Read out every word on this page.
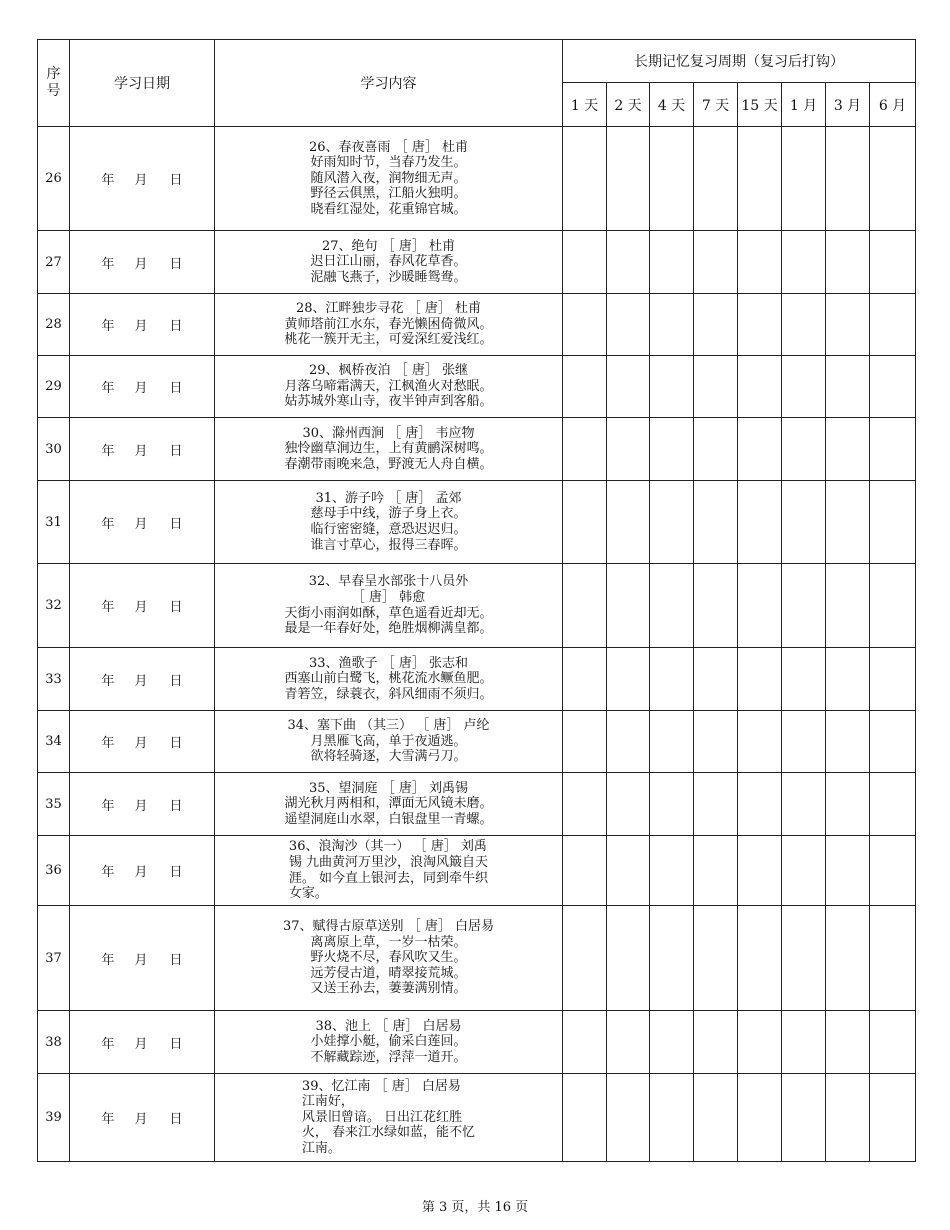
序
号	学习日期	学习内容	长期记忆复习周期（复习后打钩）							
			1 天	2 天	4 天	7 天	15 天	1 月	3 月	6 月
26	年 月 日	26、春夜喜雨 ［ 唐］ 杜甫
好雨知时节，当春乃发生。
随风潜入夜，润物细无声。
野径云俱黑，江船火独明。
晓看红湿处，花重锦官城。								

27	年 月 日	27、绝句 ［ 唐］ 杜甫
迟日江山丽，春风花草香。
泥融飞燕子，沙暖睡鸳鸯。								

28	年 月 日	28、江畔独步寻花 ［ 唐］ 杜甫
黄师塔前江水东，春光懒困倚微风。
桃花一簇开无主，可爱深红爱浅红。								

29	年 月 日	29、枫桥夜泊 ［ 唐］ 张继
月落乌啼霜满天，江枫渔火对愁眠。
姑苏城外寒山寺，夜半钟声到客船。								

30	年 月 日	30、滁州西涧 ［ 唐］ 韦应物
独怜幽草涧边生，上有黄鹂深树鸣。
春潮带雨晚来急，野渡无人舟自横。								

31	年 月 日	31、游子吟 ［ 唐］ 孟郊
慈母手中线，游子身上衣。
临行密密缝，意恐迟迟归。
谁言寸草心，报得三春晖。								

32	年 月 日	32、早春呈水部张十八员外
［ 唐］ 韩愈
天街小雨润如酥，草色遥看近却无。
最是一年春好处，绝胜烟柳满皇都。								

33	年 月 日	33、渔歌子 ［ 唐］ 张志和
西塞山前白鹭飞，桃花流水鳜鱼肥。
青箬笠，绿蓑衣，斜风细雨不须归。								

34	年 月 日	34、塞下曲 （其三） ［ 唐］ 卢纶
月黑雁飞高，单于夜遁逃。
欲将轻骑逐，大雪满弓刀。								

35	年 月 日	35、望洞庭 ［ 唐］ 刘禹锡
湖光秋月两相和，潭面无风镜未磨。
遥望洞庭山水翠，白银盘里一青螺。								

36	年 月 日	36、浪淘沙（其一） ［ 唐］ 刘禹
锡 九曲黄河万里沙，浪淘风簸自天
涯。 如今直上银河去，同到牵牛织
女家。								

37	年 月 日	37、赋得古原草送别 ［ 唐］ 白居易
离离原上草，一岁一枯荣。
野火烧不尽，春风吹又生。
远芳侵古道，晴翠接荒城。
又送王孙去，萋萋满别情。								

38	年 月 日	38、池上 ［ 唐］ 白居易
小娃撑小艇，偷采白莲回。
不解藏踪迹，浮萍一道开。								

39	年 月 日	39、忆江南 ［ 唐］ 白居易
江南好，
风景旧曾谙。 日出江花红胜
火， 春来江水绿如蓝，能不忆
江南。								

第 3 页，共 16 页
